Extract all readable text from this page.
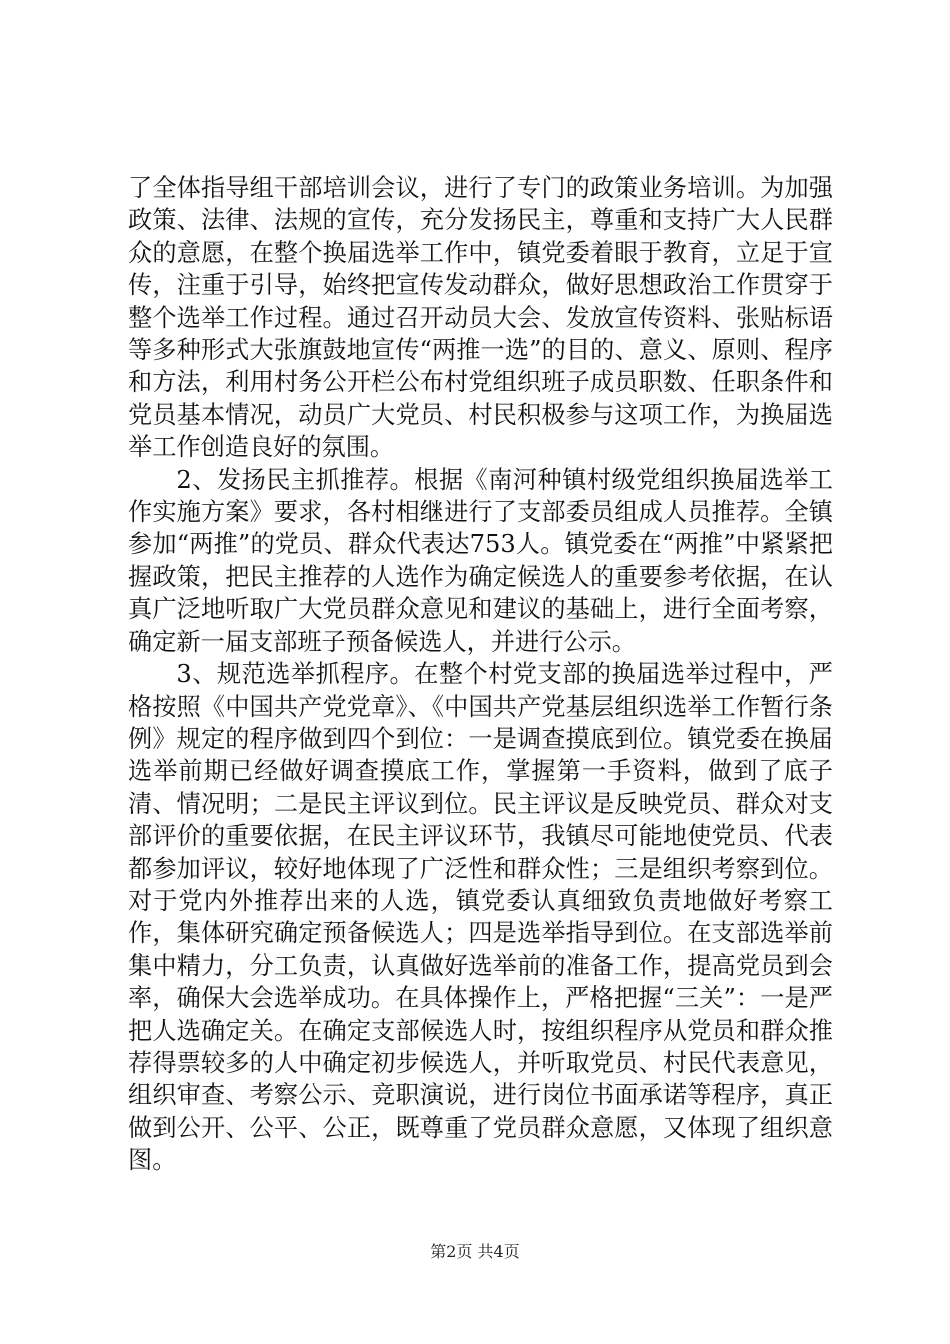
了全体指导组干部培训会议，进行了专门的政策业务培训。为加强政策、法律、法规的宣传，充分发扬民主，尊重和支持广大人民群众的意愿，在整个换届选举工作中，镇党委着眼于教育，立足于宣传，注重于引导，始终把宣传发动群众，做好思想政治工作贯穿于整个选举工作过程。通过召开动员大会、发放宣传资料、张贴标语等多种形式大张旗鼓地宣传“两推一选”的目的、意义、原则、程序和方法，利用村务公开栏公布村党组织班子成员职数、任职条件和党员基本情况，动员广大党员、村民积极参与这项工作，为换届选举工作创造良好的氛围。

2、发扬民主抓推荐。根据《南河种镇村级党组织换届选举工作实施方案》要求，各村相继进行了支部委员组成人员推荐。全镇参加“两推”的党员、群众代表达753人。镇党委在“两推”中紧紧把握政策，把民主推荐的人选作为确定候选人的重要参考依据，在认真广泛地听取广大党员群众意见和建议的基础上，进行全面考察，确定新一届支部班子预备候选人，并进行公示。

3、规范选举抓程序。在整个村党支部的换届选举过程中，严格按照《中国共产党党章》、《中国共产党基层组织选举工作暂行条例》规定的程序做到四个到位：一是调查摸底到位。镇党委在换届选举前期已经做好调查摸底工作，掌握第一手资料，做到了底子清、情况明；二是民主评议到位。民主评议是反映党员、群众对支部评价的重要依据，在民主评议环节，我镇尽可能地使党员、代表都参加评议，较好地体现了广泛性和群众性；三是组织考察到位。对于党内外推荐出来的人选，镇党委认真细致负责地做好考察工作，集体研究确定预备候选人；四是选举指导到位。在支部选举前集中精力，分工负责，认真做好选举前的准备工作，提高党员到会率，确保大会选举成功。在具体操作上，严格把握“三关”：一是严把人选确定关。在确定支部候选人时，按组织程序从党员和群众推荐得票较多的人中确定初步候选人，并听取党员、村民代表意见，组织审查、考察公示、竞职演说，进行岗位书面承诺等程序，真正做到公开、公平、公正，既尊重了党员群众意愿，又体现了组织意图。

第2页 共4页
